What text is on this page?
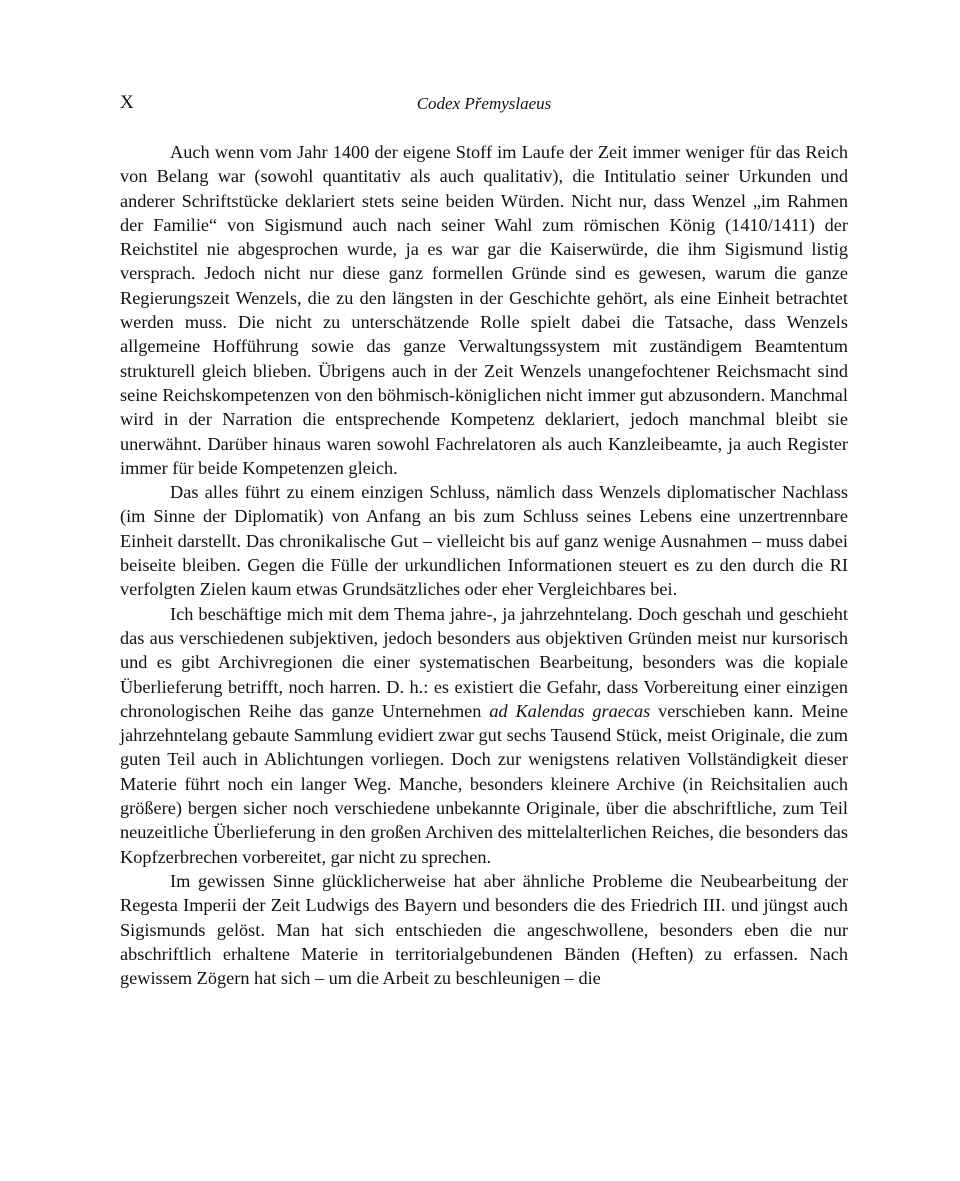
X	Codex Přemyslaeus

Auch wenn vom Jahr 1400 der eigene Stoff im Laufe der Zeit immer weniger für das Reich von Belang war (sowohl quantitativ als auch qualitativ), die Intitulatio seiner Urkunden und anderer Schriftstücke deklariert stets seine beiden Würden. Nicht nur, dass Wenzel „im Rahmen der Familie“ von Sigismund auch nach seiner Wahl zum römischen König (1410/1411) der Reichstitel nie abgesprochen wurde, ja es war gar die Kaiserwürde, die ihm Sigismund listig versprach. Jedoch nicht nur diese ganz formellen Gründe sind es gewesen, warum die ganze Regierungszeit Wenzels, die zu den längsten in der Geschichte gehört, als eine Einheit betrachtet werden muss. Die nicht zu unterschätzende Rolle spielt dabei die Tatsache, dass Wenzels allgemeine Hofführung sowie das ganze Verwaltungssystem mit zuständigem Beamtentum strukturell gleich blieben. Übrigens auch in der Zeit Wenzels unangefochtener Reichsmacht sind seine Reichskompetenzen von den böhmisch-königlichen nicht immer gut abzusondern. Manchmal wird in der Narration die entsprechende Kompetenz deklariert, jedoch manchmal bleibt sie unerwähnt. Darüber hinaus waren sowohl Fachrelatoren als auch Kanzleibeamte, ja auch Register immer für beide Kompetenzen gleich.

Das alles führt zu einem einzigen Schluss, nämlich dass Wenzels diplomatischer Nachlass (im Sinne der Diplomatik) von Anfang an bis zum Schluss seines Lebens eine unzertrennbare Einheit darstellt. Das chronikalische Gut – vielleicht bis auf ganz wenige Ausnahmen – muss dabei beiseite bleiben. Gegen die Fülle der urkundlichen Informationen steuert es zu den durch die RI verfolgten Zielen kaum etwas Grundsätzliches oder eher Vergleichbares bei.

Ich beschäftige mich mit dem Thema jahre-, ja jahrzehntelang. Doch geschah und geschieht das aus verschiedenen subjektiven, jedoch besonders aus objektiven Gründen meist nur kursorisch und es gibt Archivregionen die einer systematischen Bearbeitung, besonders was die kopiale Überlieferung betrifft, noch harren. D. h.: es existiert die Gefahr, dass Vorbereitung einer einzigen chronologischen Reihe das ganze Unternehmen ad Kalendas graecas verschieben kann. Meine jahrzehntelang gebaute Sammlung evidiert zwar gut sechs Tausend Stück, meist Originale, die zum guten Teil auch in Ablichtungen vorliegen. Doch zur wenigstens relativen Vollständigkeit dieser Materie führt noch ein langer Weg. Manche, besonders kleinere Archive (in Reichsitalien auch größere) bergen sicher noch verschiedene unbekannte Originale, über die abschriftliche, zum Teil neuzeitliche Überlieferung in den großen Archiven des mittelalterlichen Reiches, die besonders das Kopfzerbrechen vorbereitet, gar nicht zu sprechen.

Im gewissen Sinne glücklicherweise hat aber ähnliche Probleme die Neubearbeitung der Regesta Imperii der Zeit Ludwigs des Bayern und besonders die des Friedrich III. und jüngst auch Sigismunds gelöst. Man hat sich entschieden die angeschwollene, besonders eben die nur abschriftlich erhaltene Materie in territorialgebundenen Bänden (Heften) zu erfassen. Nach gewissem Zögern hat sich – um die Arbeit zu beschleunigen – die
